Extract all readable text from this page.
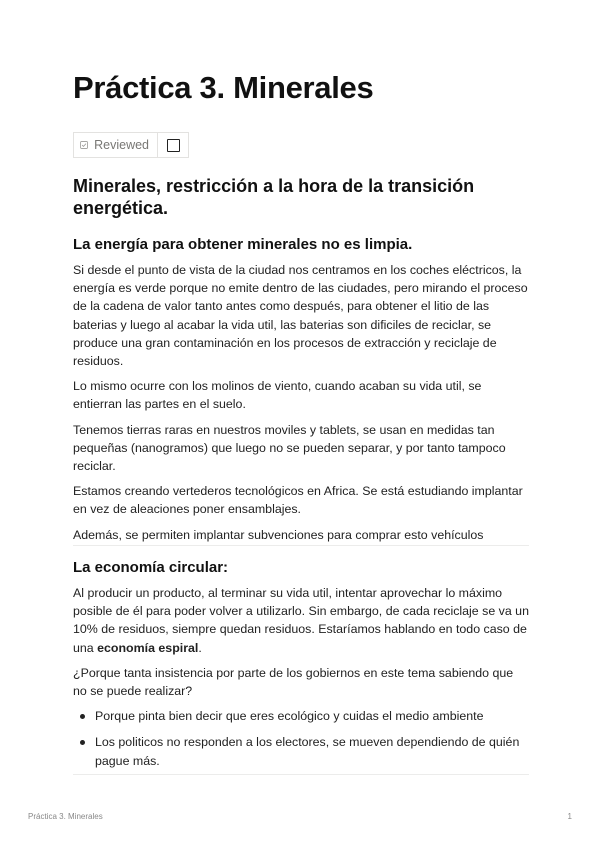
Práctica 3. Minerales
Reviewed
Minerales, restricción a la hora de la transición energética.
La energía para obtener minerales no es limpia.

Si desde el punto de vista de la ciudad nos centramos en los coches eléctricos, la energía es verde porque no emite dentro de las ciudades, pero mirando el proceso de la cadena de valor tanto antes como después, para obtener el litio de las baterias y luego al acabar la vida util, las baterias son dificiles de reciclar, se produce una gran contaminación en los procesos de extracción y reciclaje de residuos.

Lo mismo ocurre con los molinos de viento, cuando acaban su vida util, se entierran las partes en el suelo.

Tenemos tierras raras en nuestros moviles y tablets, se usan en medidas tan pequeñas (nanogramos) que luego no se pueden separar, y por tanto tampoco reciclar.

Estamos creando vertederos tecnológicos en Africa. Se está estudiando implantar en vez de aleaciones poner ensamblajes.

Además, se permiten implantar subvenciones para comprar esto vehículos

La economía circular:

Al producir un producto, al terminar su vida util, intentar aprovechar lo máximo posible de él para poder volver a utilizarlo. Sin embargo, de cada reciclaje se va un 10% de residuos, siempre quedan residuos. Estaríamos hablando en todo caso de una economía espiral.

¿Porque tanta insistencia por parte de los gobiernos en este tema sabiendo que no se puede realizar?

Porque pinta bien decir que eres ecológico y cuidas el medio ambiente
Los politicos no responden a los electores, se mueven dependiendo de quién pague más.
Práctica 3. Minerales	1
